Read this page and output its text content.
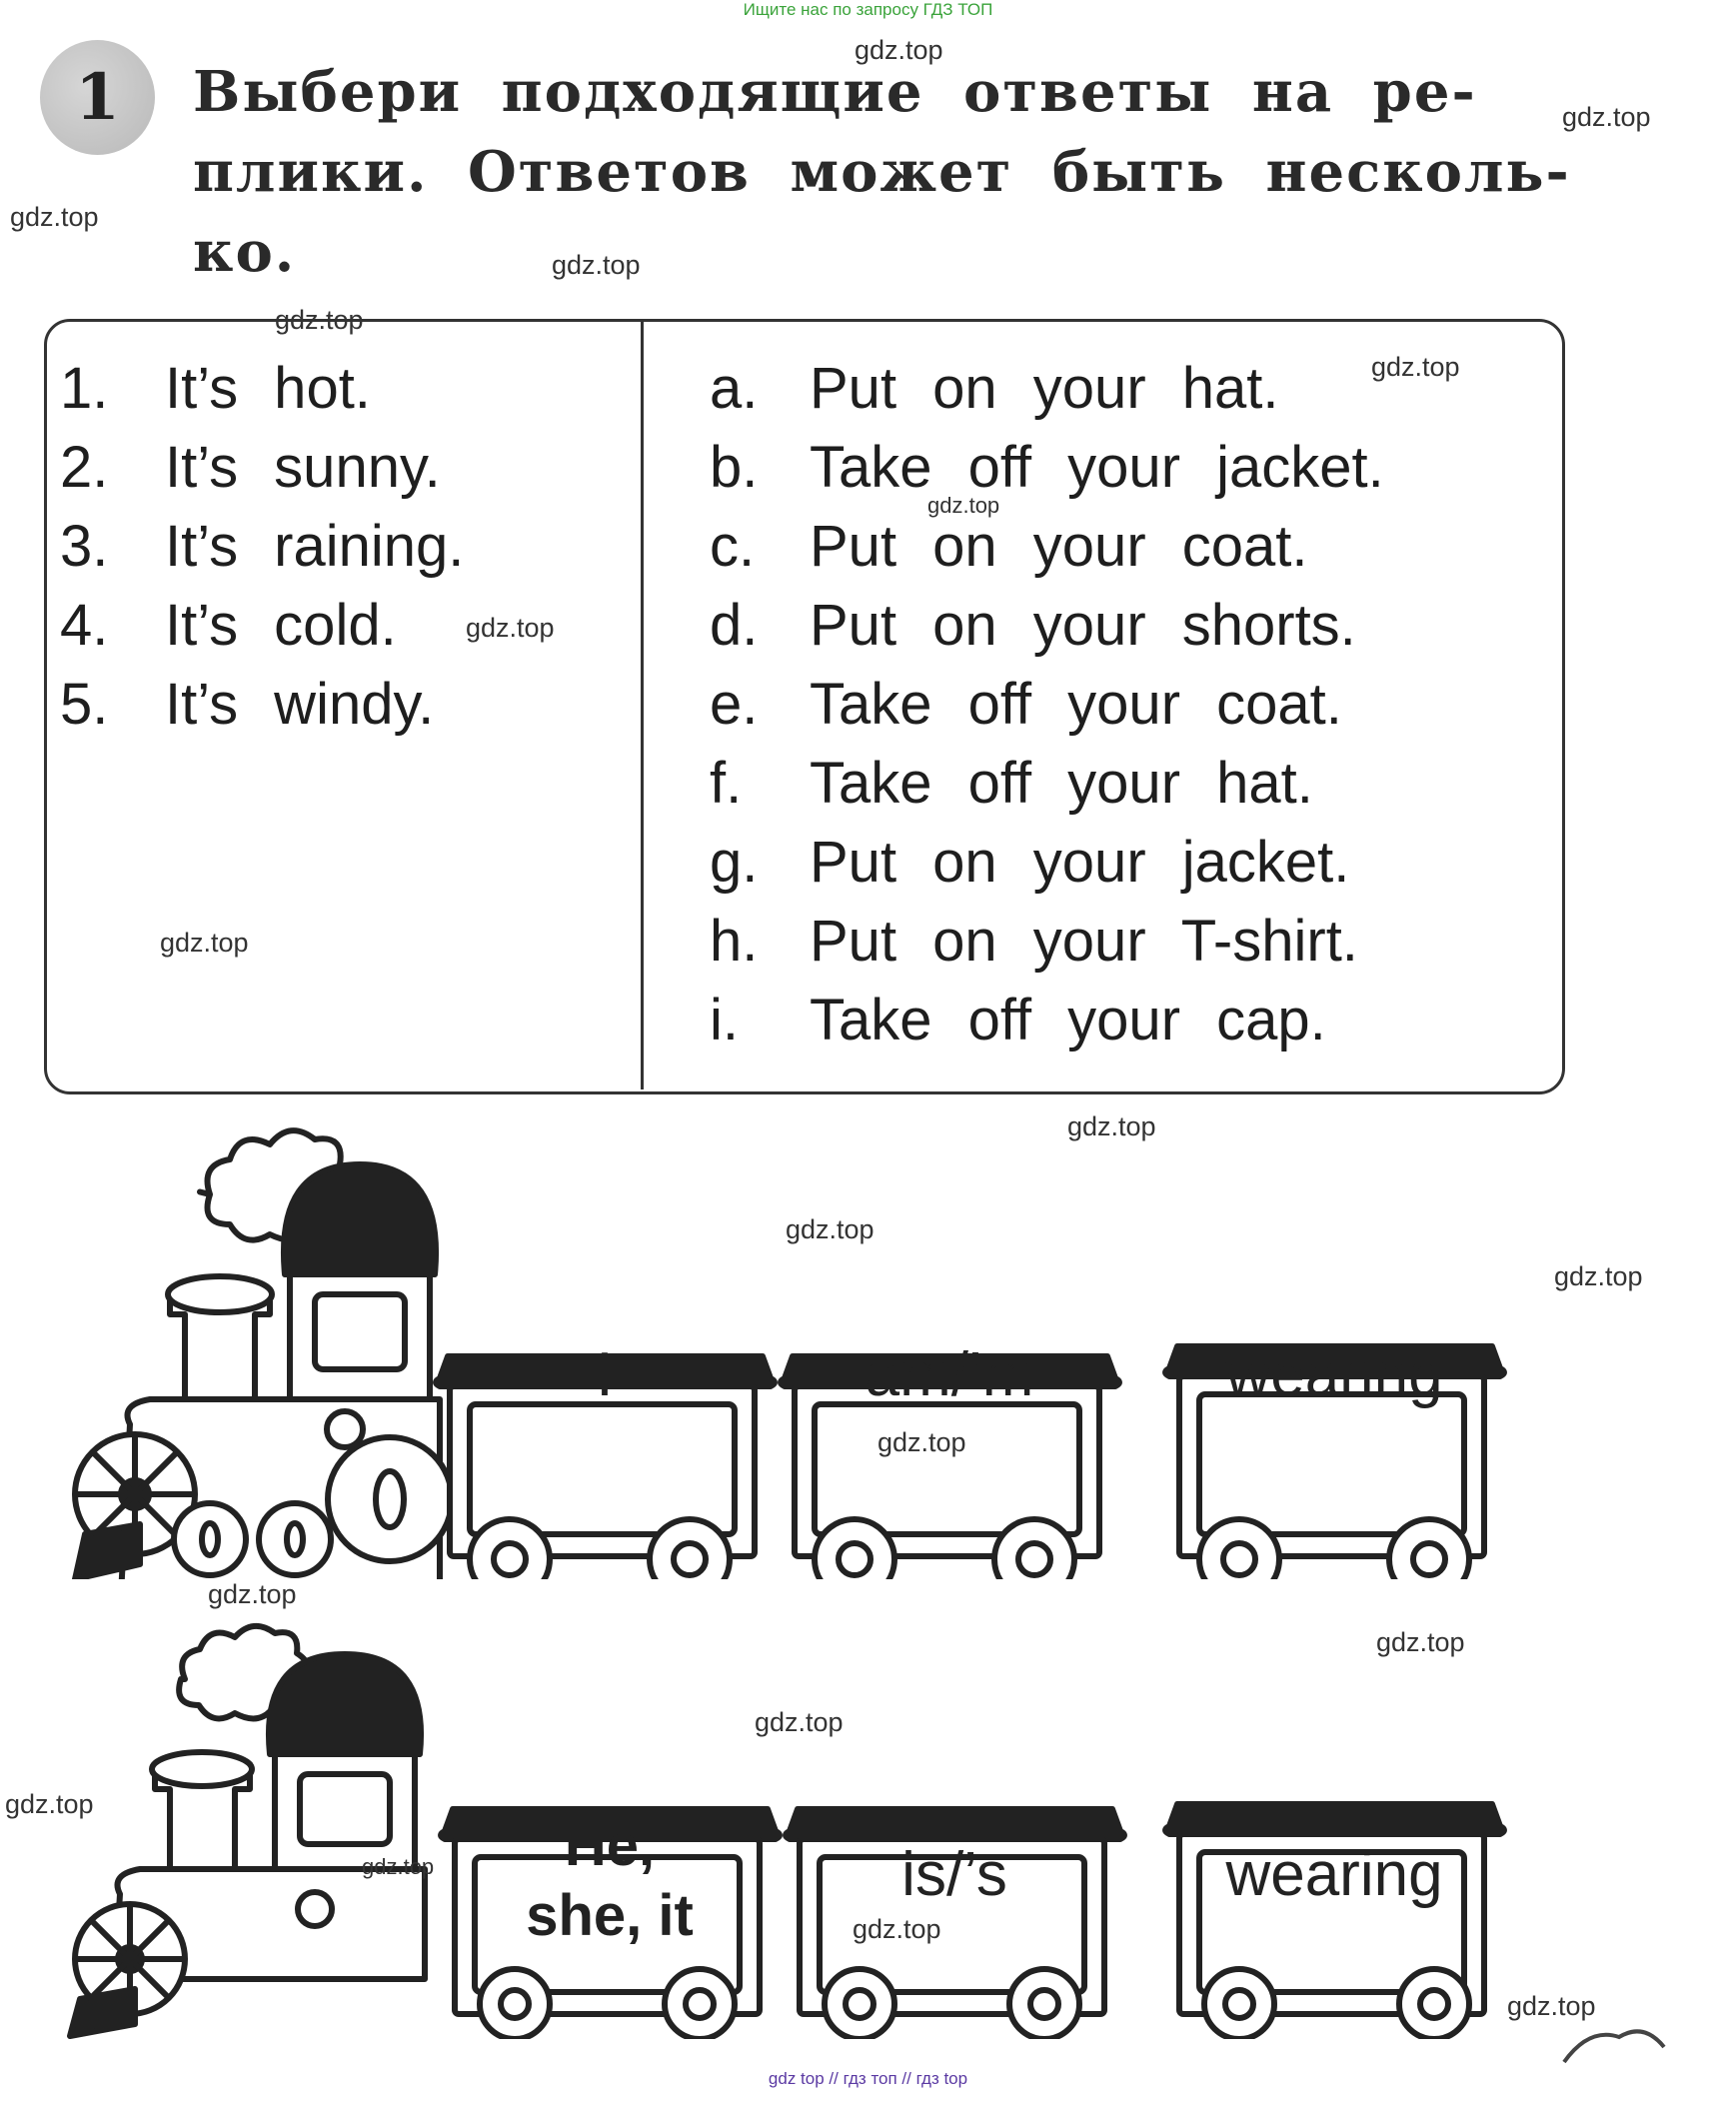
Ищите нас по запросу ГДЗ ТОП
1	Выбери подходящие ответы на ре-
плики. Ответов может быть несколь-
ко.
1. It’s hot.
2. It’s sunny.
3. It’s raining.
4. It’s cold.
5. It’s windy.
a. Put on your hat.
b. Take off your jacket.
c. Put on your coat.
d. Put on your shorts.
e. Take off your coat.
f. Take off your hat.
g. Put on your jacket.
h. Put on your T-shirt.
i. Take off your cap.
I	am/’m	wearing
He,
she, it
is/’s	wearing
gdz.top
gdz.top
gdz.top
gdz.top
gdz.top
gdz.top
gdz.top
gdz.top
gdz.top
gdz.top
gdz.top
gdz.top
gdz.top
gdz.top
gdz.top
gdz.top
gdz.top
gdz.top
gdz.top
gdz.top
gdz top // гдз топ // гдз top
